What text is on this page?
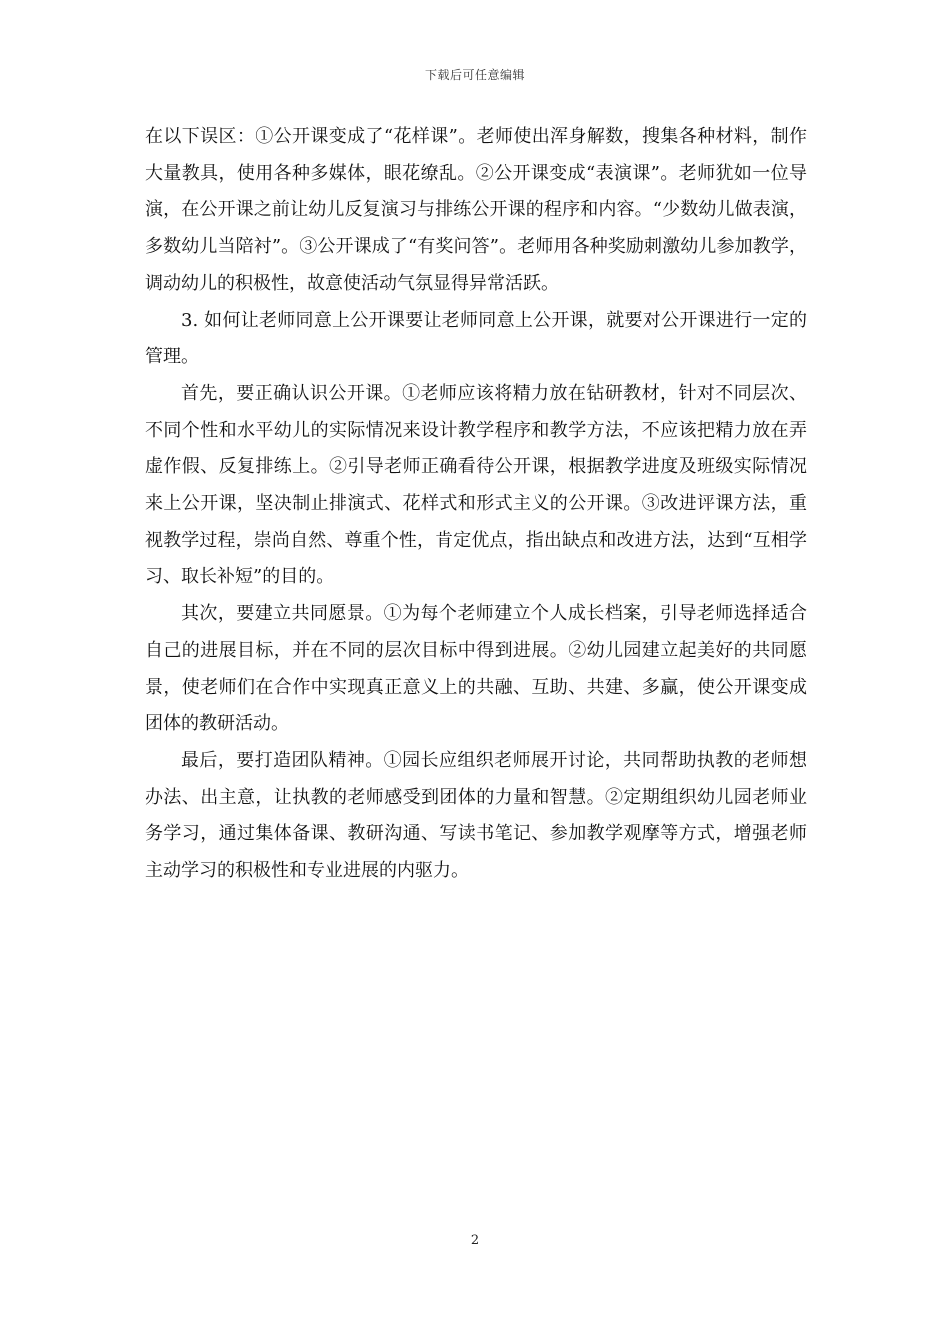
下载后可任意编辑

在以下误区：①公开课变成了“花样课”。老师使出浑身解数，搜集各种材料，制作大量教具，使用各种多媒体，眼花缭乱。②公开课变成“表演课”。老师犹如一位导演，在公开课之前让幼儿反复演习与排练公开课的程序和内容。“少数幼儿做表演，多数幼儿当陪衬”。③公开课成了“有奖问答”。老师用各种奖励刺激幼儿参加教学，调动幼儿的积极性，故意使活动气氛显得异常活跃。

3. 如何让老师同意上公开课要让老师同意上公开课，就要对公开课进行一定的管理。

首先，要正确认识公开课。①老师应该将精力放在钻研教材，针对不同层次、不同个性和水平幼儿的实际情况来设计教学程序和教学方法，不应该把精力放在弄虚作假、反复排练上。②引导老师正确看待公开课，根据教学进度及班级实际情况来上公开课，坚决制止排演式、花样式和形式主义的公开课。③改进评课方法，重视教学过程，崇尚自然、尊重个性，肯定优点，指出缺点和改进方法，达到“互相学习、取长补短”的目的。

其次，要建立共同愿景。①为每个老师建立个人成长档案，引导老师选择适合自己的进展目标，并在不同的层次目标中得到进展。②幼儿园建立起美好的共同愿景，使老师们在合作中实现真正意义上的共融、互助、共建、多赢，使公开课变成团体的教研活动。

最后，要打造团队精神。①园长应组织老师展开讨论，共同帮助执教的老师想办法、出主意，让执教的老师感受到团体的力量和智慧。②定期组织幼儿园老师业务学习，通过集体备课、教研沟通、写读书笔记、参加教学观摩等方式，增强老师主动学习的积极性和专业进展的内驱力。

2
